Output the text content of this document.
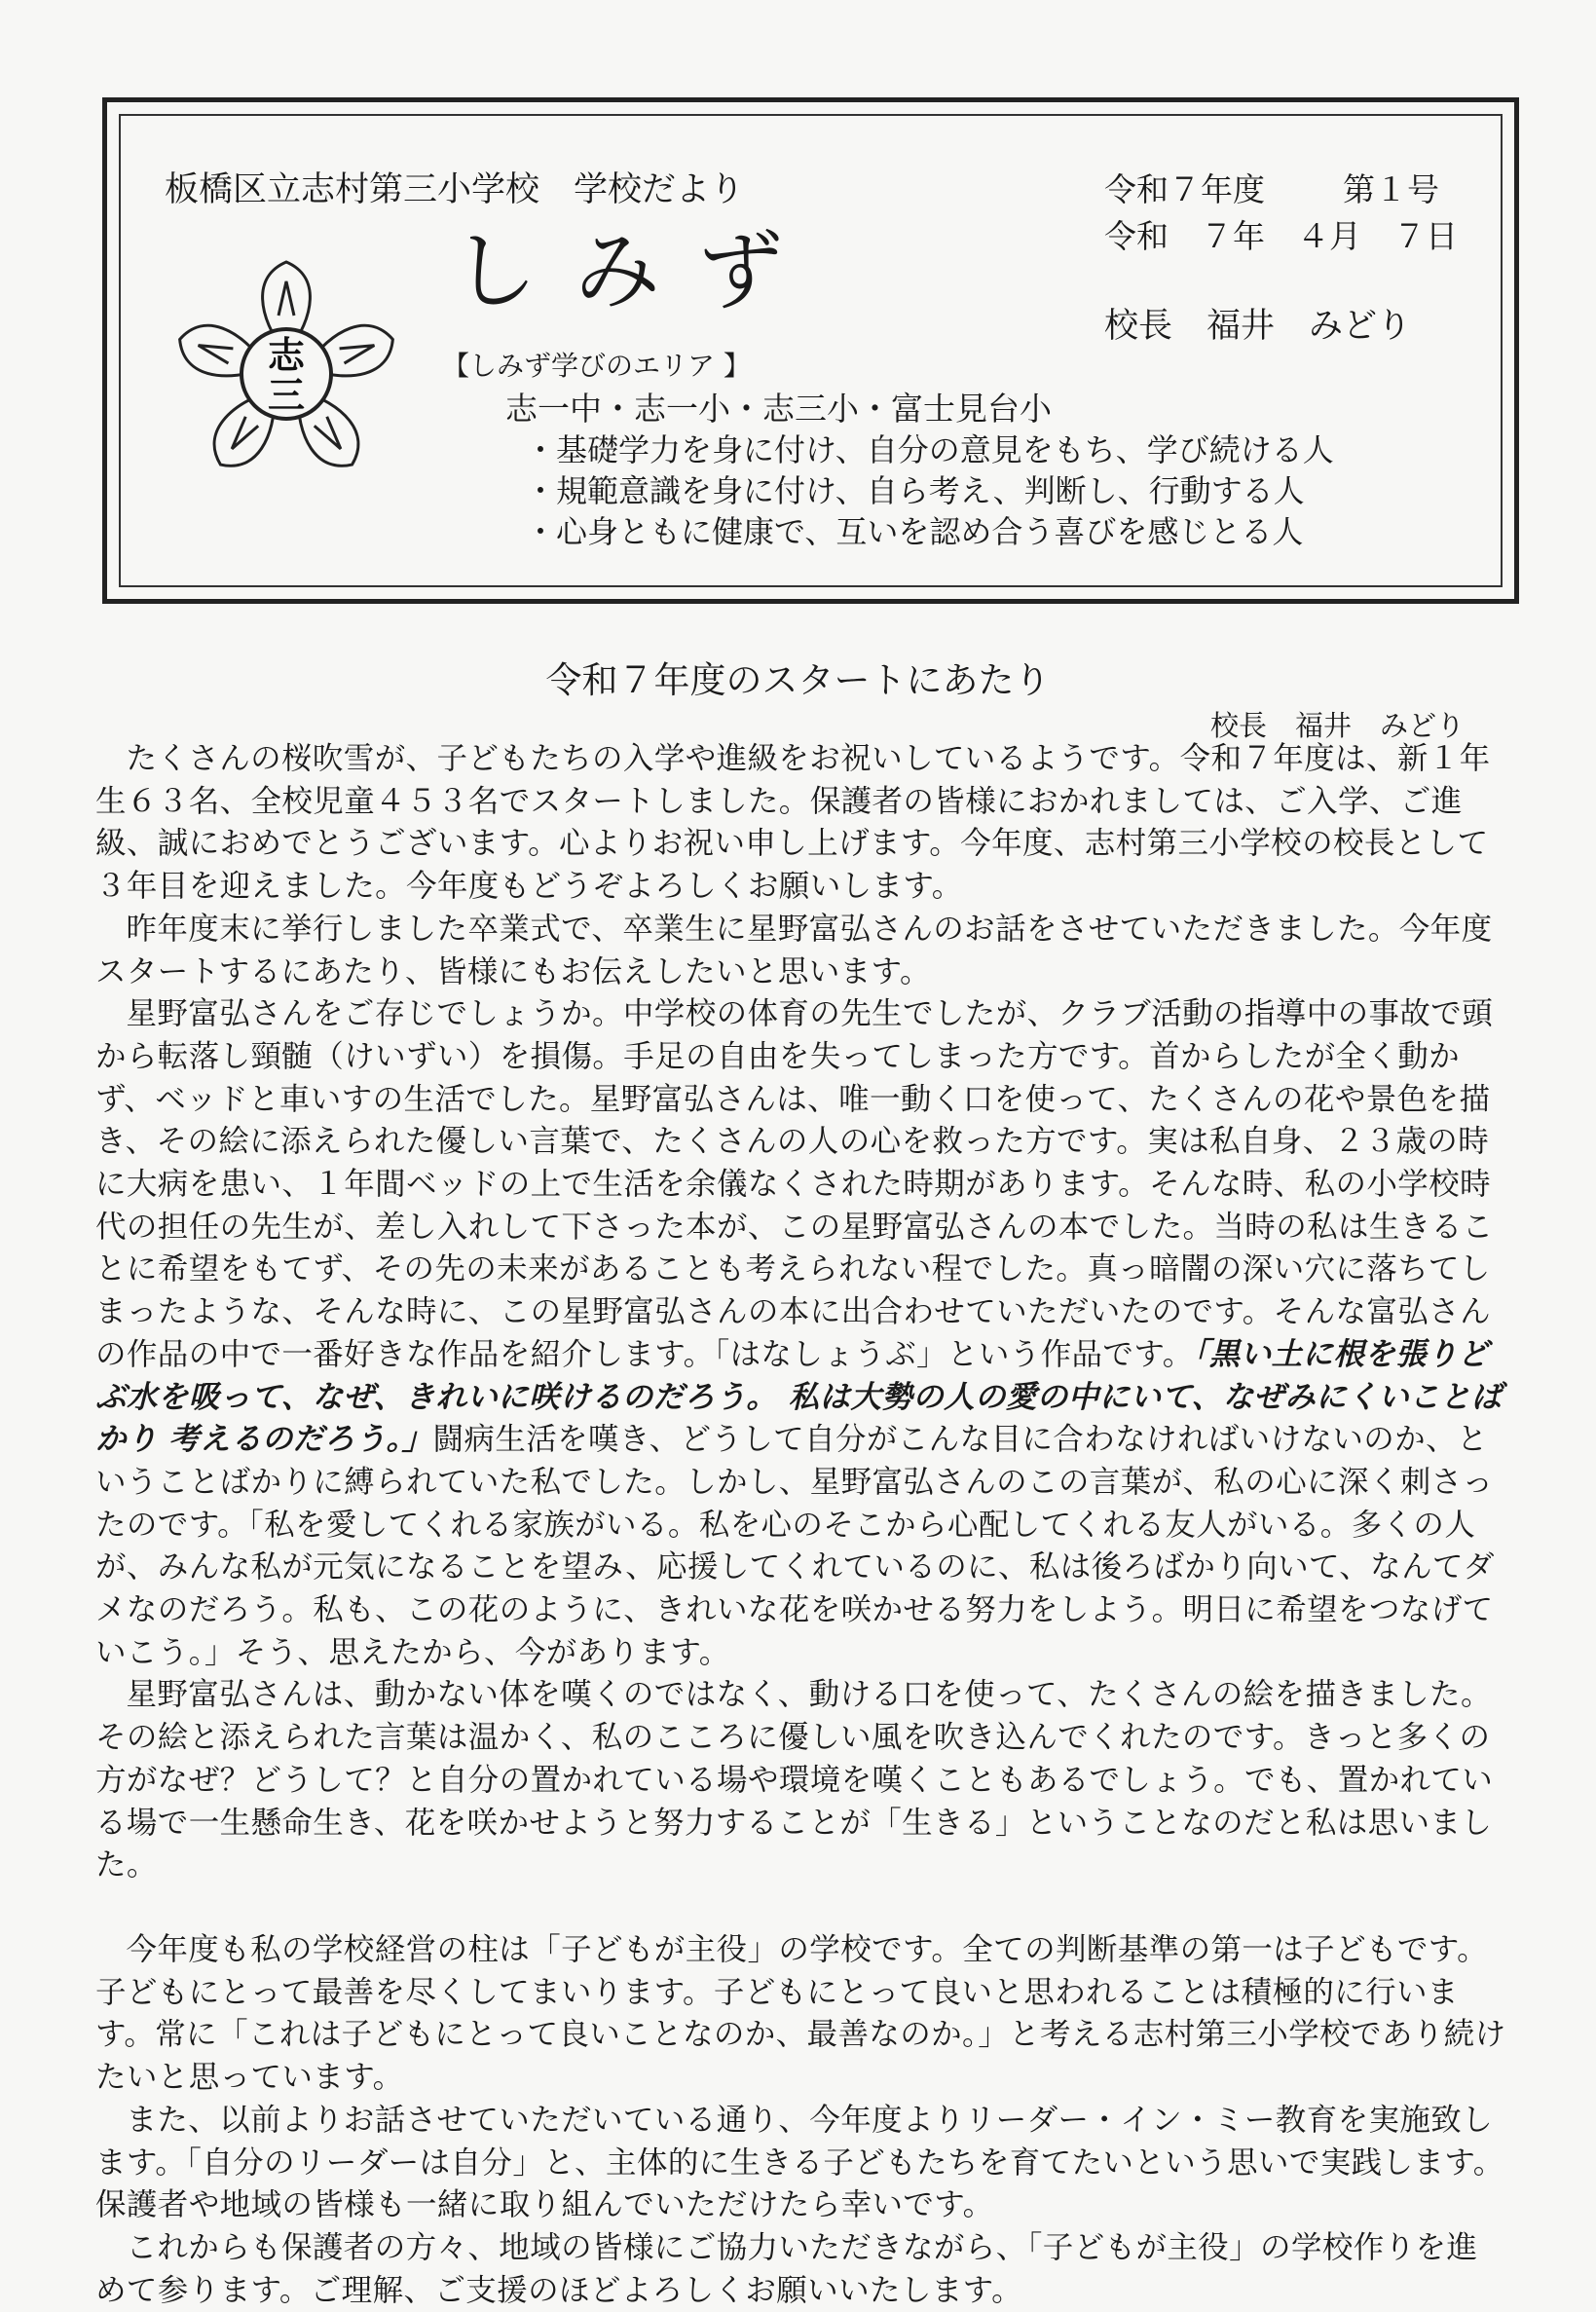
板橋区立志村第三小学校　学校だより
しみず
令和７年度 第１号
令和　７年　４月　７日
校長　福井　みどり
志
三
【しみず学びのエリア 】
志一中・志一小・志三小・富士見台小
・基礎学力を身に付け、自分の意見をもち、学び続ける人
・規範意識を身に付け、自ら考え、判断し、行動する人
・心身ともに健康で、互いを認め合う喜びを感じとる人
令和７年度のスタートにあたり
校長　福井　みどり

たくさんの桜吹雪が、子どもたちの入学や進級をお祝いしているようです。令和７年度は、新１年生６３名、全校児童４５３名でスタートしました。保護者の皆様におかれましては、ご入学、ご進級、誠におめでとうございます。心よりお祝い申し上げます。今年度、志村第三小学校の校長として３年目を迎えました。今年度もどうぞよろしくお願いします。

昨年度末に挙行しました卒業式で、卒業生に星野富弘さんのお話をさせていただきました。今年度スタートするにあたり、皆様にもお伝えしたいと思います。

星野富弘さんをご存じでしょうか。中学校の体育の先生でしたが、クラブ活動の指導中の事故で頭から転落し頸髄（けいずい）を損傷。手足の自由を失ってしまった方です。首からしたが全く動かず、ベッドと車いすの生活でした。星野富弘さんは、唯一動く口を使って、たくさんの花や景色を描き、その絵に添えられた優しい言葉で、たくさんの人の心を救った方です。実は私自身、２３歳の時に大病を患い、１年間ベッドの上で生活を余儀なくされた時期があります。そんな時、私の小学校時代の担任の先生が、差し入れして下さった本が、この星野富弘さんの本でした。当時の私は生きることに希望をもてず、その先の未来があることも考えられない程でした。真っ暗闇の深い穴に落ちてしまったような、そんな時に、この星野富弘さんの本に出合わせていただいたのです。そんな富弘さんの作品の中で一番好きな作品を紹介します。「はなしょうぶ」という作品です。「黒い土に根を張りどぶ水を吸って、なぜ、きれいに咲けるのだろう。 私は大勢の人の愛の中にいて、なぜみにくいことばかり 考えるのだろう。」闘病生活を嘆き、どうして自分がこんな目に合わなければいけないのか、ということばかりに縛られていた私でした。しかし、星野富弘さんのこの言葉が、私の心に深く刺さったのです。「私を愛してくれる家族がいる。私を心のそこから心配してくれる友人がいる。多くの人が、みんな私が元気になることを望み、応援してくれているのに、私は後ろばかり向いて、なんてダメなのだろう。私も、この花のように、きれいな花を咲かせる努力をしよう。明日に希望をつなげていこう。」そう、思えたから、今があります。

星野富弘さんは、動かない体を嘆くのではなく、動ける口を使って、たくさんの絵を描きました。その絵と添えられた言葉は温かく、私のこころに優しい風を吹き込んでくれたのです。きっと多くの方がなぜ？どうして？と自分の置かれている場や環境を嘆くこともあるでしょう。でも、置かれている場で一生懸命生き、花を咲かせようと努力することが「生きる」ということなのだと私は思いました。

今年度も私の学校経営の柱は「子どもが主役」の学校です。全ての判断基準の第一は子どもです。子どもにとって最善を尽くしてまいります。子どもにとって良いと思われることは積極的に行います。常に「これは子どもにとって良いことなのか、最善なのか。」と考える志村第三小学校であり続けたいと思っています。

また、以前よりお話させていただいている通り、今年度よりリーダー・イン・ミー教育を実施致します。「自分のリーダーは自分」と、主体的に生きる子どもたちを育てたいという思いで実践します。保護者や地域の皆様も一緒に取り組んでいただけたら幸いです。

これからも保護者の方々、地域の皆様にご協力いただきながら、「子どもが主役」の学校作りを進めて参ります。ご理解、ご支援のほどよろしくお願いいたします。
